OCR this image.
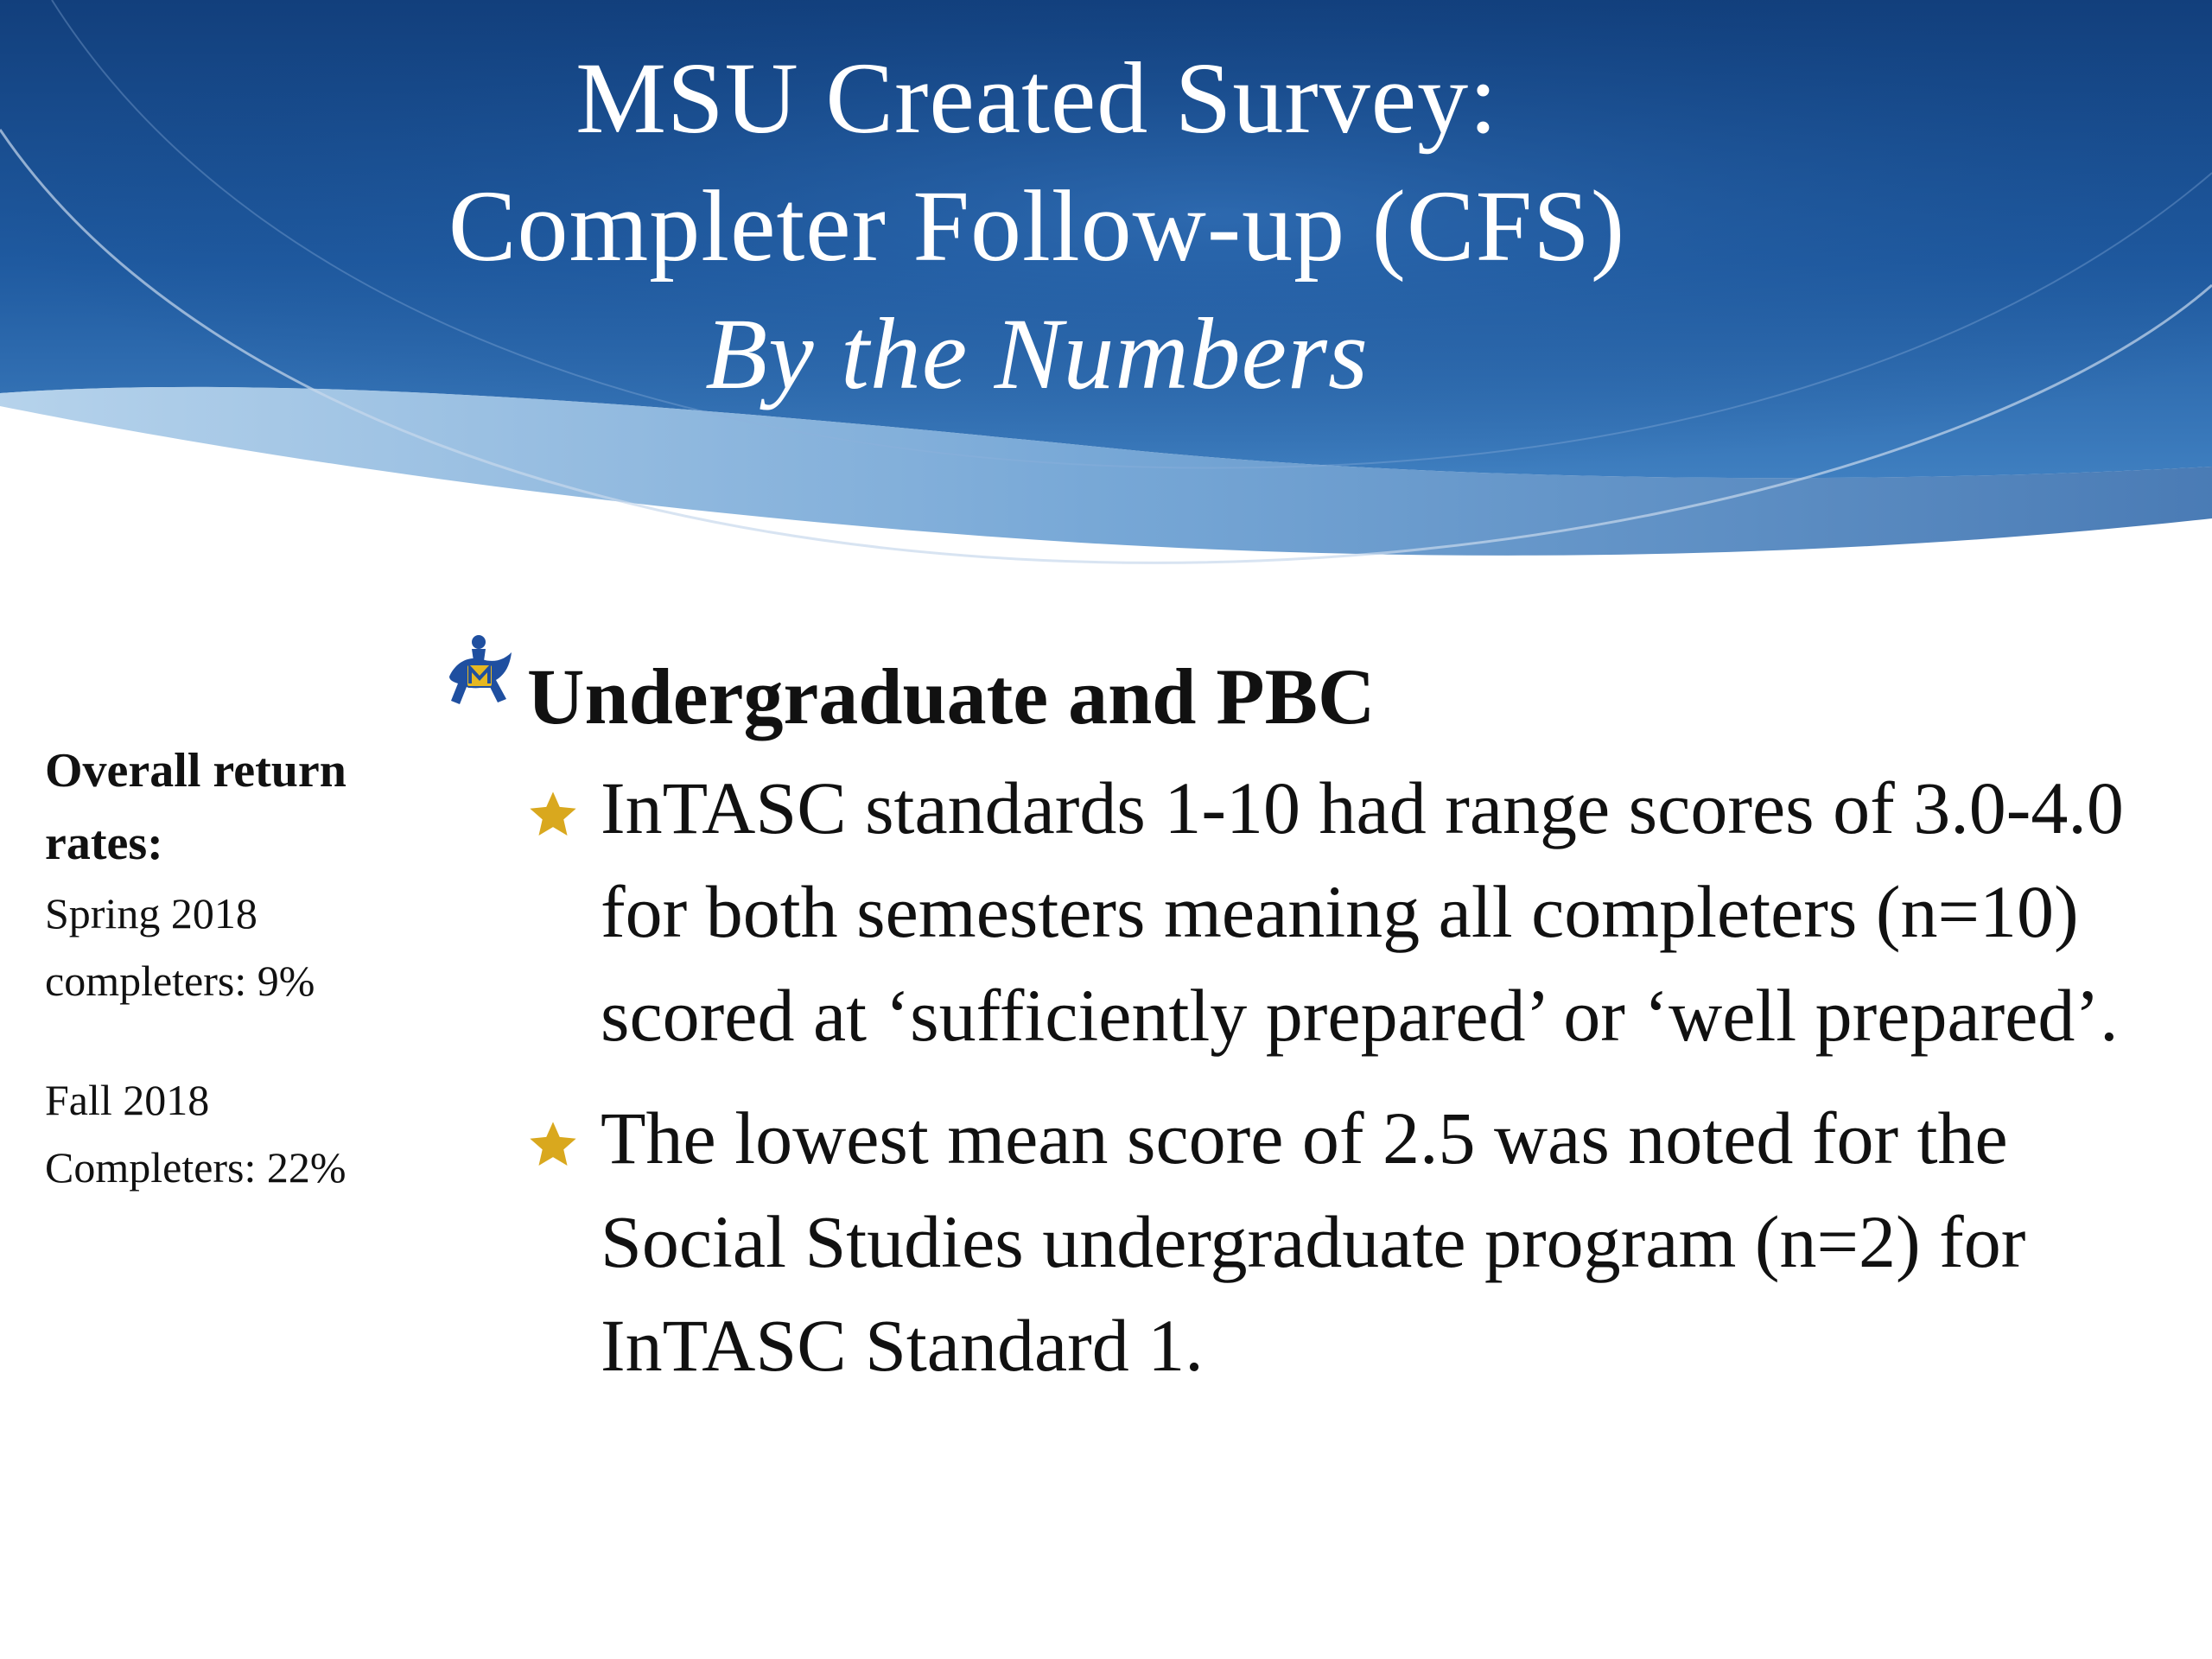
MSU Created Survey:
Completer Follow-up (CFS)
By the Numbers
Overall return rates:
Spring 2018
completers: 9%
Fall 2018
Completers: 22%
Undergraduate and PBC
InTASC standards 1-10 had range scores of 3.0-4.0 for both semesters meaning all completers (n=10) scored at ‘sufficiently prepared’ or ‘well prepared’.
The lowest mean score of 2.5 was noted for the Social Studies undergraduate program (n=2) for InTASC Standard 1.
